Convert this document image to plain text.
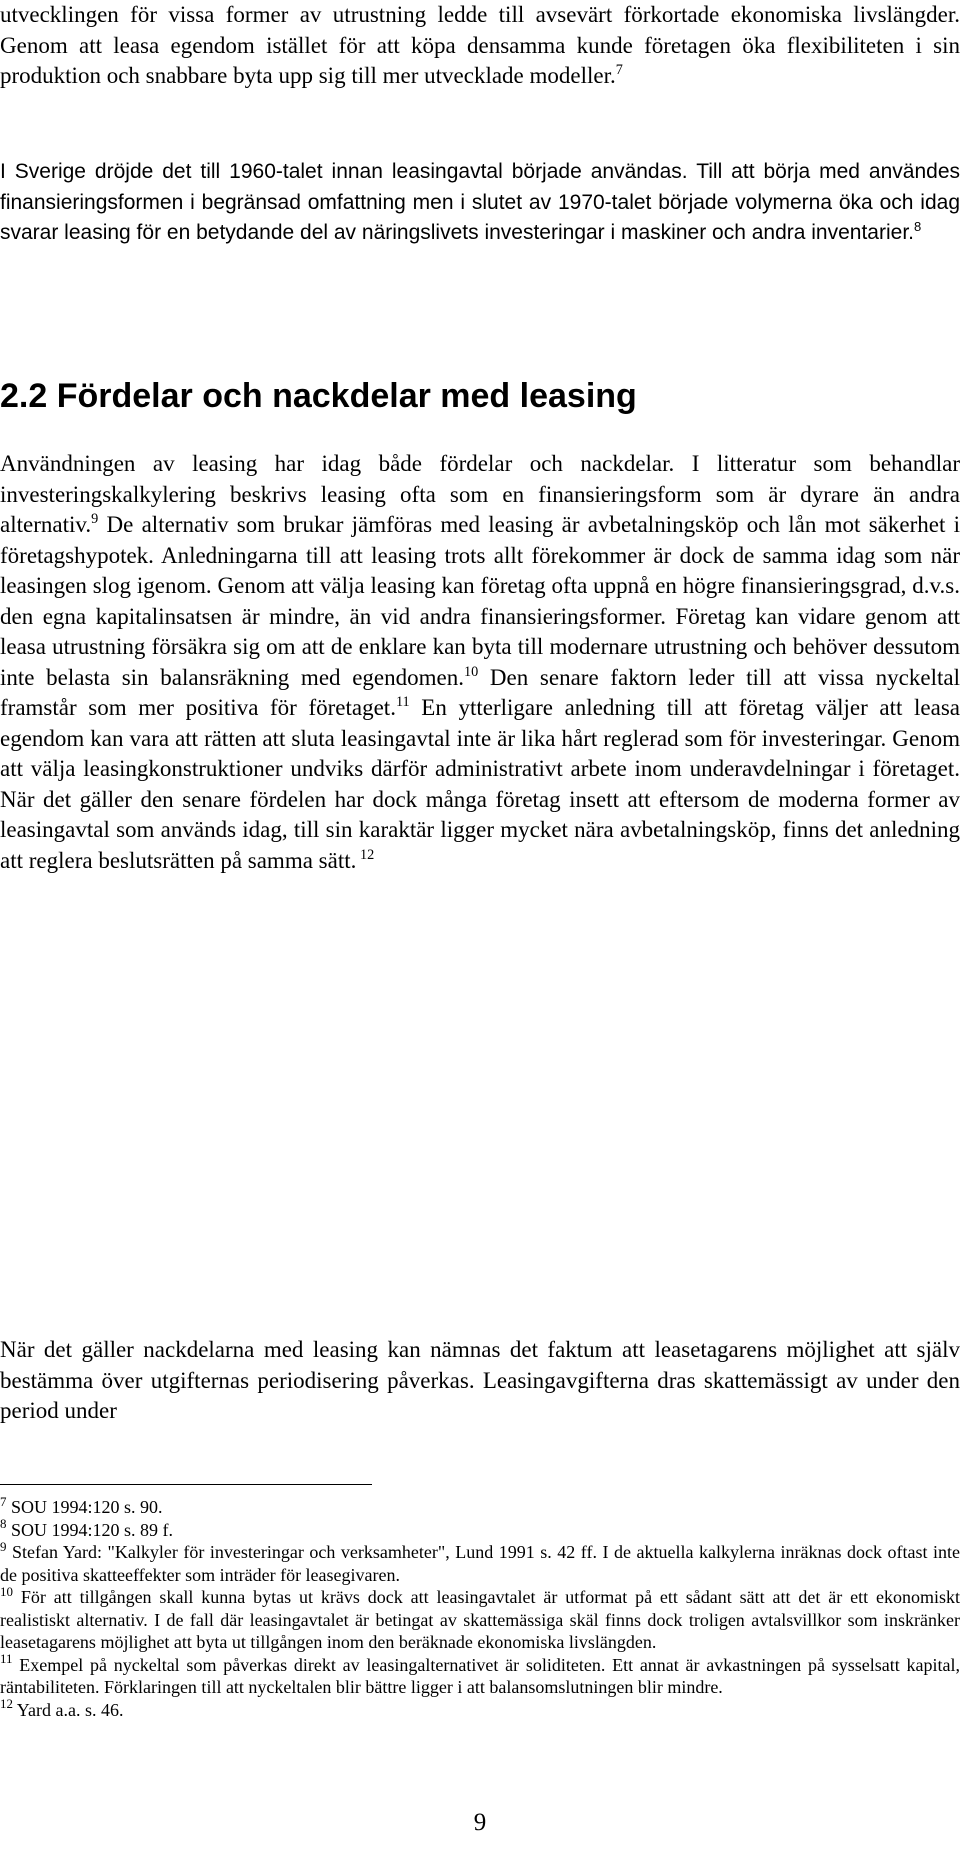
utvecklingen för vissa former av utrustning ledde till avsevärt förkortade ekonomiska livslängder. Genom att leasa egendom istället för att köpa densamma kunde företagen öka flexibiliteten i sin produktion och snabbare byta upp sig till mer utvecklade modeller.$^7$

I Sverige dröjde det till 1960-talet innan leasingavtal började användas. Till att börja med användes finansieringsformen i begränsad omfattning men i slutet av 1970-talet började volymerna öka och idag svarar leasing för en betydande del av näringslivets investeringar i maskiner och andra inventarier.$^8$

2.2 Fördelar och nackdelar med leasing

Användningen av leasing har idag både fördelar och nackdelar. I litteratur som behandlar investeringskalkylering beskrivs leasing ofta som en finansieringsform som är dyrare än andra alternativ.$^9$ De alternativ som brukar jämföras med leasing är avbetalningsköp och lån mot säkerhet i företagshypotek. Anledningarna till att leasing trots allt förekommer är dock de samma idag som när leasingen slog igenom. Genom att välja leasing kan företag ofta uppnå en högre finansieringsgrad, d.v.s. den egna kapitalinsatsen är mindre, än vid andra finansieringsformer. Företag kan vidare genom att leasa utrustning försäkra sig om att de enklare kan byta till modernare utrustning och behöver dessutom inte belasta sin balansräkning med egendomen.$^{10}$ Den senare faktorn leder till att vissa nyckeltal framstår som mer positiva för företaget.$^{11}$ En ytterligare anledning till att företag väljer att leasa egendom kan vara att rätten att sluta leasingavtal inte är lika hårt reglerad som för investeringar. Genom att välja leasingkonstruktioner undviks därför administrativt arbete inom underavdelningar i företaget. När det gäller den senare fördelen har dock många företag insett att eftersom de moderna former av leasingavtal som används idag, till sin karaktär ligger mycket nära avbetalningsköp, finns det anledning att reglera beslutsrätten på samma sätt. $^{12}$

När det gäller nackdelarna med leasing kan nämnas det faktum att leasetagarens möjlighet att själv bestämma över utgifternas periodisering påverkas. Leasingavgifterna dras skattemässigt av under den period under

$^7$ SOU 1994:120 s. 90.

$^8$ SOU 1994:120 s. 89 f.

$^9$ Stefan Yard: "Kalkyler för investeringar och verksamheter", Lund 1991 s. 42 ff. I de aktuella kalkylerna inräknas dock oftast inte de positiva skatteeffekter som inträder för leasegivaren.

$^{10}$ För att tillgången skall kunna bytas ut krävs dock att leasingavtalet är utformat på ett sådant sätt att det är ett ekonomiskt realistiskt alternativ. I de fall där leasingavtalet är betingat av skattemässiga skäl finns dock troligen avtalsvillkor som inskränker leasetagarens möjlighet att byta ut tillgången inom den beräknade ekonomiska livslängden.

$^{11}$ Exempel på nyckeltal som påverkas direkt av leasingalternativet är soliditeten. Ett annat är avkastningen på sysselsatt kapital, räntabiliteten. Förklaringen till att nyckeltalen blir bättre ligger i att balansomslutningen blir mindre.

$^{12}$ Yard a.a. s. 46.

9
